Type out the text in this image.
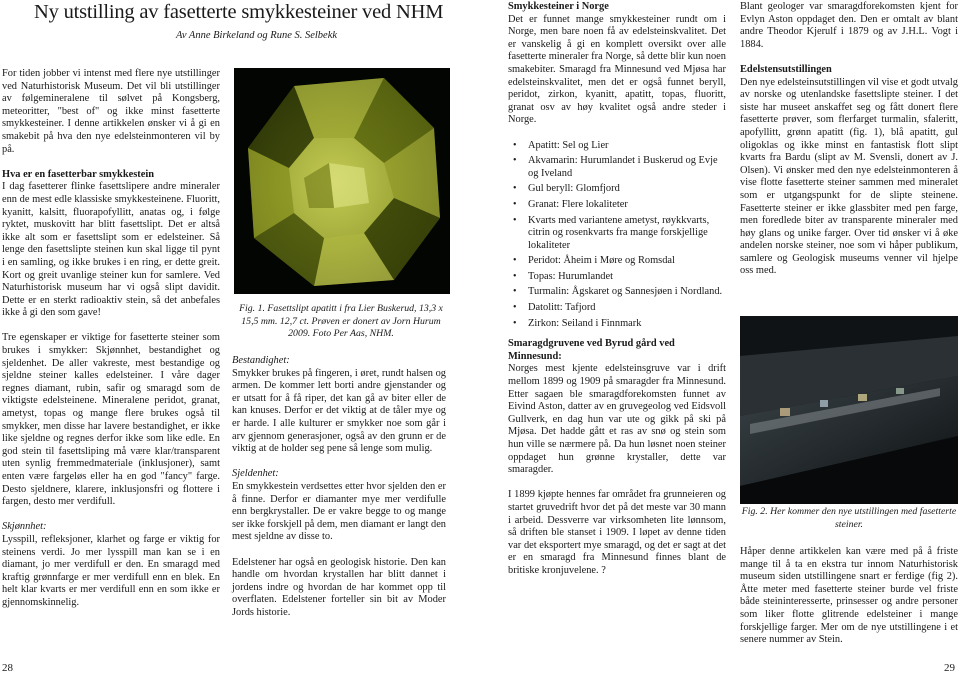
Ny utstilling av fasetterte smykkesteiner ved NHM
Av Anne Birkeland og Rune S. Selbekk

For tiden jobber vi intenst med flere nye utstillinger ved Naturhistorisk Museum. Det vil bli utstillinger av følgemineralene til sølvet på Kongsberg, meteoritter, "best of" og ikke minst fasetterte smykkesteiner. I denne artikkelen ønsker vi å gi en smakebit på hva den nye edelsteinmonteren vil by på.

Hva er en fasetterbar smykkestein

I dag fasetterer flinke fasettslipere andre mineraler enn de mest edle klassiske smykkesteinene. Fluoritt, kyanitt, kalsitt, fluorapofyllitt, anatas og, i følge ryktet, muskovitt har blitt fasettslipt. Det er altså ikke alt som er fasettslipt som er edelsteiner. Så lenge den fasettslipte steinen kun skal ligge til pynt i en samling, og ikke brukes i en ring, er dette greit. Kort og greit uvanlige steiner kun for samlere. Ved Naturhistorisk museum har vi også slipt davidit. Dette er en sterkt radioaktiv stein, så det anbefales ikke å gi den som gave!

Tre egenskaper er viktige for fasetterte steiner som brukes i smykker: Skjønnhet, bestandighet og sjeldenhet. De aller vakreste, mest bestandige og sjeldne steiner kalles edelsteiner. I våre dager regnes diamant, rubin, safir og smaragd som de viktigste edelsteinene. Mineralene peridot, granat, ametyst, topas og mange flere brukes også til smykker, men disse har lavere bestandighet, er ikke like sjeldne og regnes derfor ikke som like edle. En god stein til fasettsliping må være klar/transparent uten synlig fremmedmateriale (inklusjoner), samt enten være fargeløs eller ha en god "fancy" farge. Desto sjeldnere, klarere, inklusjonsfri og flottere i fargen, desto mer verdifull.

Skjønnhet:

Lysspill, refleksjoner, klarhet og farge er viktig for steinens verdi. Jo mer lysspill man kan se i en diamant, jo mer verdifull er den. En smaragd med kraftig grønnfarge er mer verdifull enn en blek. En helt klar kvarts er mer verdifull enn en som ikke er gjennomskinnelig.

28
Fig. 1. Fasettslipt apatitt i fra Lier Buskerud, 13,3 x 15,5 mm. 12,7 ct. Prøven er donert av Jorn Hurum 2009. Foto Per Aas, NHM.
Bestandighet:

Smykker brukes på fingeren, i øret, rundt halsen og armen. De kommer lett borti andre gjenstander og er utsatt for å få riper, det kan gå av biter eller de kan knuses. Derfor er det viktig at de tåler mye og er harde. I alle kulturer er smykker noe som går i arv gjennom generasjoner, også av den grunn er de viktig at de holder seg pene så lenge som mulig.

Sjeldenhet:

En smykkestein verdsettes etter hvor sjelden den er å finne. Derfor er diamanter mye mer verdifulle enn bergkrystaller. De er vakre begge to og mange ser ikke forskjell på dem, men diamant er langt den mest sjeldne av disse to.

Edelstener har også en geologisk historie. Den kan handle om hvordan krystallen har blitt dannet i jordens indre og hvordan de har kommet opp til overflaten. Edelstener forteller sin bit av Moder Jords historie.

Smykkesteiner i Norge

Det er funnet mange smykkesteiner rundt om i Norge, men bare noen få av edelsteinskvalitet. Det er vanskelig å gi en komplett oversikt over alle fasetterte mineraler fra Norge, så dette blir kun noen smakebiter. Smaragd fra Minnesund ved Mjøsa har edelsteinskvalitet, men det er også funnet beryll, peridot, zirkon, kyanitt, apatitt, topas, fluoritt, granat osv av høy kvalitet også andre steder i Norge.

• Apatitt: Sel og Lier
• Akvamarin: Hurumlandet i Buskerud og Evje og Iveland
• Gul beryll: Glomfjord
• Granat: Flere lokaliteter
• Kvarts med variantene ametyst, røykkvarts, citrin og rosenkvarts fra mange forskjellige lokaliteter
• Peridot: Åheim i Møre og Romsdal
• Topas: Hurumlandet
• Turmalin: Ågskaret og Sannesjøen i Nordland.
• Datolitt: Tafjord
• Zirkon: Seiland i Finnmark
Smaragdgruvene ved Byrud gård ved Minnesund:

Norges mest kjente edelsteinsgruve var i drift mellom 1899 og 1909 på smaragder fra Minnesund. Etter sagaen ble smaragdforekomsten funnet av Eivind Aston, datter av en gruvegeolog ved Eidsvoll Gullverk, en dag hun var ute og gikk på ski på Mjøsa. Det hadde gått et ras av snø og stein som hun ville se nærmere på. Da hun løsnet noen steiner oppdaget hun grønne krystaller, dette var smaragder.

I 1899 kjøpte hennes far området fra grunneieren og startet gruvedrift hvor det på det meste var 30 mann i arbeid. Dessverre var virksomheten lite lønnsom, så driften ble stanset i 1909. I løpet av denne tiden var det eksportert mye smaragd, og det er sagt at det er en smaragd fra Minnesund finnes blant de britiske kronjuvelene. ?

Blant geologer var smaragdforekomsten kjent for Evlyn Aston oppdaget den. Den er omtalt av blant andre Theodor Kjerulf i 1879 og av J.H.L. Vogt i 1884.

Edelstensutstillingen

Den nye edelsteinsutstillingen vil vise et godt utvalg av norske og utenlandske fasettslipte steiner. I det siste har museet anskaffet seg og fått donert flere fasetterte prøver, som flerfarget turmalin, sfaleritt, apofyllitt, grønn apatitt (fig. 1), blå apatitt, gul oligoklas og ikke minst en fantastisk flott slipt kvarts fra Bardu (slipt av M. Svensli, donert av J. Olsen). Vi ønsker med den nye edelsteinmonteren å vise flotte fasetterte steiner sammen med mineralet som er utgangspunkt for de slipte steinene. Fasetterte steiner er ikke glassbiter med pen farge, men foredlede biter av transparente mineraler med høy glans og unike farger. Over tid ønsker vi å øke andelen norske steiner, noe som vi håper publikum, samlere og Geologisk museums venner vil hjelpe oss med.

Fig. 2. Her kommer den nye utstillingen med fasetterte steiner.

Håper denne artikkelen kan være med på å friste mange til å ta en ekstra tur innom Naturhistorisk museum siden utstillingene snart er ferdige (fig 2). Åtte meter med fasetterte steiner burde vel friste både steininteresserte, prinsesser og andre personer som liker flotte glitrende edelsteiner i mange forskjellige farger. Mer om de nye utstillingene i et senere nummer av Stein.

29
